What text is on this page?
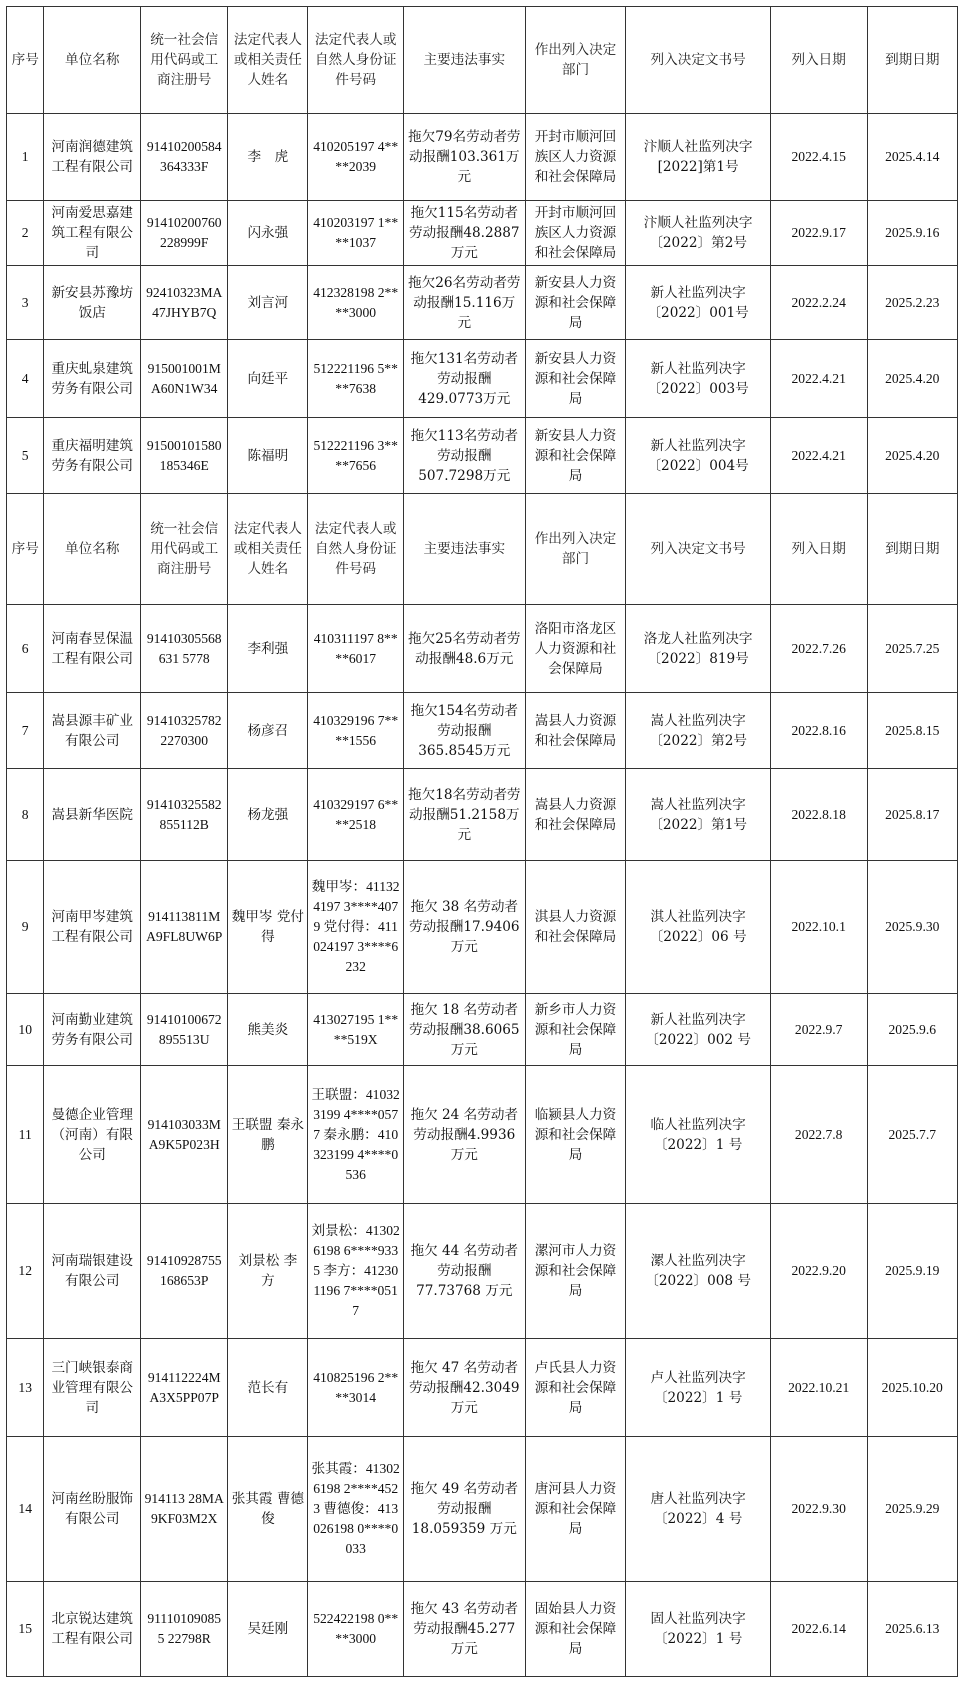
序号	单位名称	统一社会信用代码或工商注册号	法定代表人或相关责任人姓名	法定代表人或自然人身份证件号码	主要违法事实	作出列入决定部门	列入决定文书号	列入日期	到期日期
1	河南润德建筑工程有限公司	91410200584364333F	李　虎	410205197 4****2039	拖欠79名劳动者劳动报酬103.361万元	开封市顺河回族区人力资源和社会保障局	汴顺人社监列决字[2022]第1号	2022.4.15	2025.4.14
2	河南爱思嘉建筑工程有限公司	91410200760228999F	闪永强	410203197 1****1037	拖欠115名劳动者劳动报酬48.2887万元	开封市顺河回族区人力资源和社会保障局	汴顺人社监列决字〔2022〕第2号	2022.9.17	2025.9.16
3	新安县苏豫坊饭店	92410323MA47JHYB7Q	刘言河	412328198 2****3000	拖欠26名劳动者劳动报酬15.116万元	新安县人力资源和社会保障局	新人社监列决字〔2022〕001号	2022.2.24	2025.2.23
4	重庆虬泉建筑劳务有限公司	915001001MA60N1W34	向廷平	512221196 5****7638	拖欠131名劳动者劳动报酬429.0773万元	新安县人力资源和社会保障局	新人社监列决字〔2022〕003号	2022.4.21	2025.4.20
5	重庆福明建筑劳务有限公司	91500101580185346E	陈福明	512221196 3****7656	拖欠113名劳动者劳动报酬507.7298万元	新安县人力资源和社会保障局	新人社监列决字〔2022〕004号	2022.4.21	2025.4.20
序号	单位名称	统一社会信用代码或工商注册号	法定代表人或相关责任人姓名	法定代表人或自然人身份证件号码	主要违法事实	作出列入决定部门	列入决定文书号	列入日期	到期日期
6	河南春昱保温工程有限公司	91410305568631 5778	李利强	410311197 8****6017	拖欠25名劳动者劳动报酬48.6万元	洛阳市洛龙区人力资源和社会保障局	洛龙人社监列决字〔2022〕819号	2022.7.26	2025.7.25
7	嵩县源丰矿业有限公司	914103257822270300	杨彦召	410329196 7****1556	拖欠154名劳动者劳动报酬365.8545万元	嵩县人力资源和社会保障局	嵩人社监列决字〔2022〕第2号	2022.8.16	2025.8.15
8	嵩县新华医院	91410325582855112B	杨龙强	410329197 6****2518	拖欠18名劳动者劳动报酬51.2158万元	嵩县人力资源和社会保障局	嵩人社监列决字〔2022〕第1号	2022.8.18	2025.8.17
9	河南甲岑建筑工程有限公司	914113811MA9FL8UW6P	魏甲岑 党付得	魏甲岑：411324197 3****4079 党付得：411024197 3****6232	拖欠 38 名劳动者劳动报酬17.9406 万元	淇县人力资源和社会保障局	淇人社监列决字〔2022〕06 号	2022.10.1	2025.9.30
10	河南勤业建筑劳务有限公司	91410100672895513U	熊美炎	413027195 1****519X	拖欠 18 名劳动者劳动报酬38.6065 万元	新乡市人力资源和社会保障局	新人社监列决字〔2022〕002 号	2022.9.7	2025.9.6
11	曼德企业管理（河南）有限公司	914103033MA9K5P023H	王联盟 秦永鹏	王联盟：410323199 4****0577 秦永鹏：410323199 4****0536	拖欠 24 名劳动者劳动报酬4.9936 万元	临颍县人力资源和社会保障局	临人社监列决字〔2022〕1 号	2022.7.8	2025.7.7
12	河南瑞银建设有限公司	91410928755168653P	刘景松 李　方	刘景松：413026198 6****9335 李方：412301196 7****0517	拖欠 44 名劳动者劳动报酬77.73768 万元	漯河市人力资源和社会保障局	漯人社监列决字〔2022〕008 号	2022.9.20	2025.9.19
13	三门峡银泰商业管理有限公司	914112224MA3X5PP07P	范长有	410825196 2****3014	拖欠 47 名劳动者劳动报酬42.3049 万元	卢氏县人力资源和社会保障局	卢人社监列决字〔2022〕1 号	2022.10.21	2025.10.20
14	河南丝盼服饰有限公司	914113 28MA9KF03M2X	张其霞 曹德俊	张其霞：413026198 2****4523 曹德俊：413026198 0****0033	拖欠 49 名劳动者劳动报酬18.059359 万元	唐河县人力资源和社会保障局	唐人社监列决字〔2022〕4 号	2022.9.30	2025.9.29
15	北京锐达建筑工程有限公司	911101090855 22798R	吴廷刚	522422198 0****3000	拖欠 43 名劳动者劳动报酬45.277 万元	固始县人力资源和社会保障局	固人社监列决字〔2022〕1 号	2022.6.14	2025.6.13
